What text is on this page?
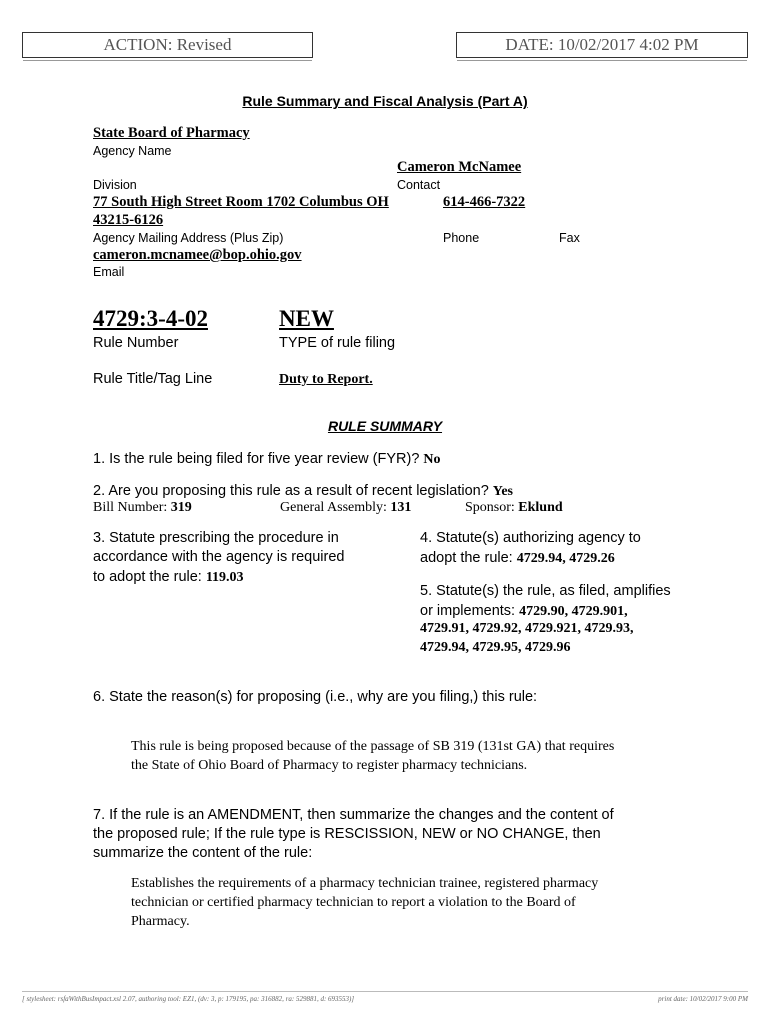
ACTION: Revised	DATE: 10/02/2017 4:02 PM
Rule Summary and Fiscal Analysis (Part A)
State Board of Pharmacy
Agency Name
Cameron McNamee
Division	Contact
77 South High Street Room 1702 Columbus OH	614-466-7322
43215-6126
Agency Mailing Address (Plus Zip)	Phone	Fax
cameron.mcnamee@bop.ohio.gov
Email
4729:3-4-02	NEW
Rule Number	TYPE of rule filing
Rule Title/Tag Line	Duty to Report.
RULE SUMMARY
1. Is the rule being filed for five year review (FYR)? No
2. Are you proposing this rule as a result of recent legislation? Yes
Bill Number: 319	General Assembly: 131	Sponsor: Eklund
3. Statute prescribing the procedure in
accordance with the agency is required
to adopt the rule: 119.03
4. Statute(s) authorizing agency to
adopt the rule: 4729.94, 4729.26
5. Statute(s) the rule, as filed, amplifies
or implements: 4729.90, 4729.901,
4729.91, 4729.92, 4729.921, 4729.93,
4729.94, 4729.95, 4729.96
6. State the reason(s) for proposing (i.e., why are you filing,) this rule:
This rule is being proposed because of the passage of SB 319 (131st GA) that requires
the State of Ohio Board of Pharmacy to register pharmacy technicians.
7. If the rule is an AMENDMENT, then summarize the changes and the content of
the proposed rule; If the rule type is RESCISSION, NEW or NO CHANGE, then
summarize the content of the rule:
Establishes the requirements of a pharmacy technician trainee, registered pharmacy
technician or certified pharmacy technician to report a violation to the Board of
Pharmacy.
[ stylesheet: rsfaWithBusImpact.xsl 2.07, authoring tool: EZ1, (dv: 3, p: 179195, pa: 316882, ra: 529881, d: 693553)]	print date: 10/02/2017 9:00 PM
